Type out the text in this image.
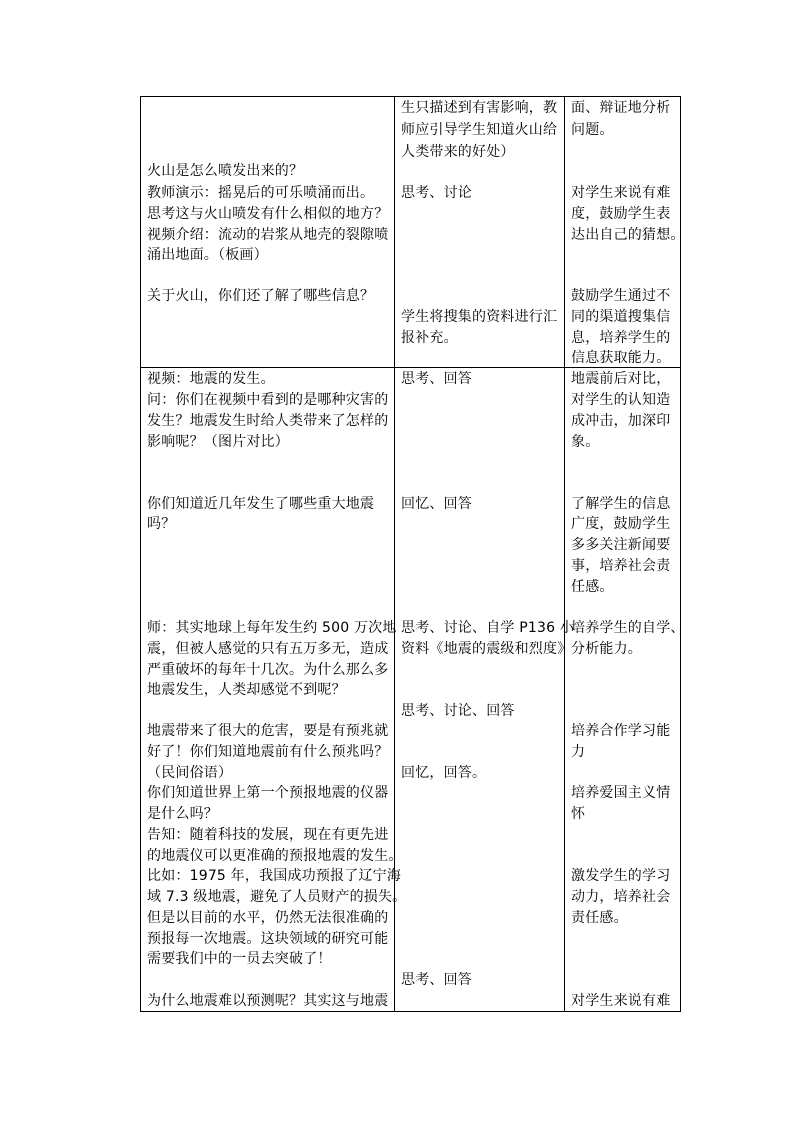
生只描述到有害影响，教
师应引导学生知道火山给
人类带来的好处）
面、辩证地分析
问题。
火山是怎么喷发出来的？
教师演示：摇晃后的可乐喷涌而出。
思考这与火山喷发有什么相似的地方？
视频介绍：流动的岩浆从地壳的裂隙喷
涌出地面。（板画）
关于火山，你们还了解了哪些信息？
思考、讨论
学生将搜集的资料进行汇
报补充。
对学生来说有难
度，鼓励学生表
达出自己的猜想。
鼓励学生通过不
同的渠道搜集信
息，培养学生的
信息获取能力。
视频：地震的发生。
问：你们在视频中看到的是哪种灾害的
发生？地震发生时给人类带来了怎样的
影响呢？（图片对比）
你们知道近几年发生了哪些重大地震
吗？
师：其实地球上每年发生约 500 万次地
震，但被人感觉的只有五万多无，造成
严重破坏的每年十几次。为什么那么多
地震发生，人类却感觉不到呢？
地震带来了很大的危害，要是有预兆就
好了！你们知道地震前有什么预兆吗？
（民间俗语）
你们知道世界上第一个预报地震的仪器
是什么吗？
告知：随着科技的发展，现在有更先进
的地震仪可以更准确的预报地震的发生。
比如：1975 年，我国成功预报了辽宁海
域 7.3 级地震，避免了人员财产的损失。
但是以目前的水平，仍然无法很准确的
预报每一次地震。这块领域的研究可能
需要我们中的一员去突破了！
为什么地震难以预测呢？其实这与地震
思考、回答
回忆、回答
思考、讨论、自学 P136 小
资料《地震的震级和烈度》
思考、讨论、回答
回忆，回答。
思考、回答
地震前后对比，
对学生的认知造
成冲击，加深印
象。
了解学生的信息
广度，鼓励学生
多多关注新闻要
事，培养社会责
任感。
培养学生的自学、
分析能力。
培养合作学习能
力
培养爱国主义情
怀
激发学生的学习
动力，培养社会
责任感。
对学生来说有难
